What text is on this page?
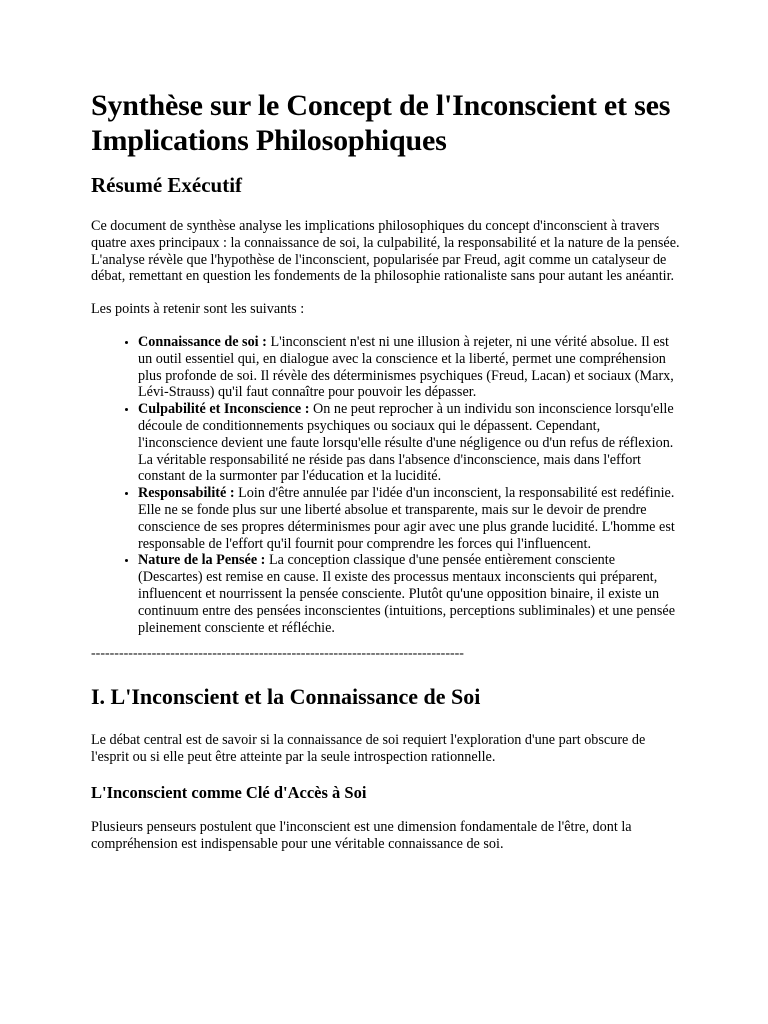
Synthèse sur le Concept de l'Inconscient et ses Implications Philosophiques
Résumé Exécutif

Ce document de synthèse analyse les implications philosophiques du concept d'inconscient à travers quatre axes principaux : la connaissance de soi, la culpabilité, la responsabilité et la nature de la pensée. L'analyse révèle que l'hypothèse de l'inconscient, popularisée par Freud, agit comme un catalyseur de débat, remettant en question les fondements de la philosophie rationaliste sans pour autant les anéantir.

Les points à retenir sont les suivants :

• Connaissance de soi : L'inconscient n'est ni une illusion à rejeter, ni une vérité absolue. Il est un outil essentiel qui, en dialogue avec la conscience et la liberté, permet une compréhension plus profonde de soi. Il révèle des déterminismes psychiques (Freud, Lacan) et sociaux (Marx, Lévi-Strauss) qu'il faut connaître pour pouvoir les dépasser.
• Culpabilité et Inconscience : On ne peut reprocher à un individu son inconscience lorsqu'elle découle de conditionnements psychiques ou sociaux qui le dépassent. Cependant, l'inconscience devient une faute lorsqu'elle résulte d'une négligence ou d'un refus de réflexion. La véritable responsabilité ne réside pas dans l'absence d'inconscience, mais dans l'effort constant de la surmonter par l'éducation et la lucidité.
• Responsabilité : Loin d'être annulée par l'idée d'un inconscient, la responsabilité est redéfinie. Elle ne se fonde plus sur une liberté absolue et transparente, mais sur le devoir de prendre conscience de ses propres déterminismes pour agir avec une plus grande lucidité. L'homme est responsable de l'effort qu'il fournit pour comprendre les forces qui l'influencent.
• Nature de la Pensée : La conception classique d'une pensée entièrement consciente (Descartes) est remise en cause. Il existe des processus mentaux inconscients qui préparent, influencent et nourrissent la pensée consciente. Plutôt qu'une opposition binaire, il existe un continuum entre des pensées inconscientes (intuitions, perceptions subliminales) et une pensée pleinement consciente et réfléchie.
--------------------------------------------------------------------------------
I. L'Inconscient et la Connaissance de Soi

Le débat central est de savoir si la connaissance de soi requiert l'exploration d'une part obscure de l'esprit ou si elle peut être atteinte par la seule introspection rationnelle.

L'Inconscient comme Clé d'Accès à Soi

Plusieurs penseurs postulent que l'inconscient est une dimension fondamentale de l'être, dont la compréhension est indispensable pour une véritable connaissance de soi.
